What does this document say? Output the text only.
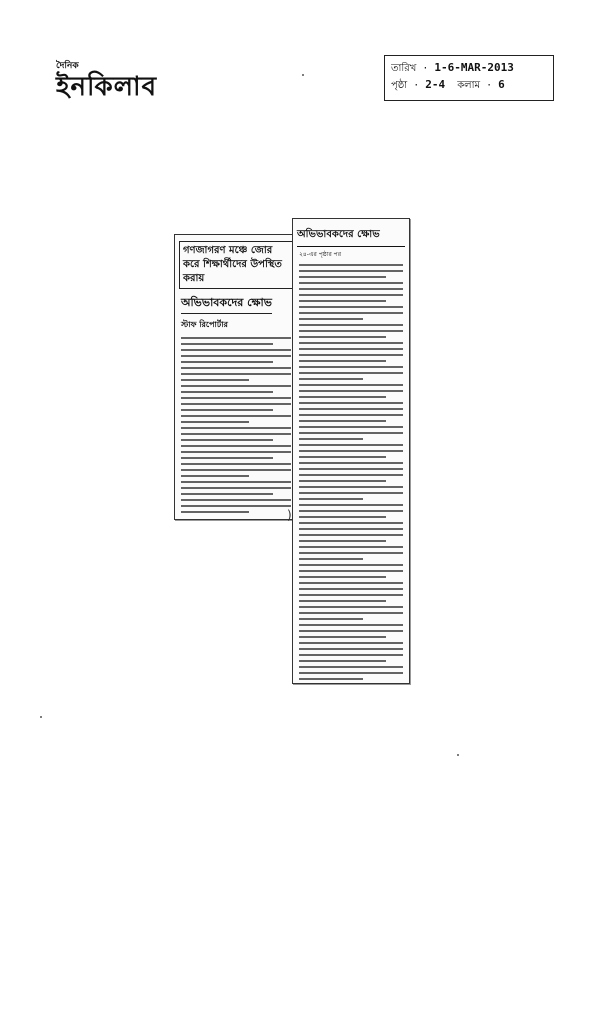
দৈনিক
ইনকিলাব
তারিখ · 1-6-MAR-2013
পৃষ্ঠা · 2-4 কলাম · 6
গণজাগরণ মঞ্চে জোর করে শিক্ষার্থীদের উপস্থিত করায়
অভিভাবকদের ক্ষোভ
স্টাফ রিপোর্টার
অভিভাবকদের ক্ষোভ
২৪-এর পৃষ্ঠার পর
)
